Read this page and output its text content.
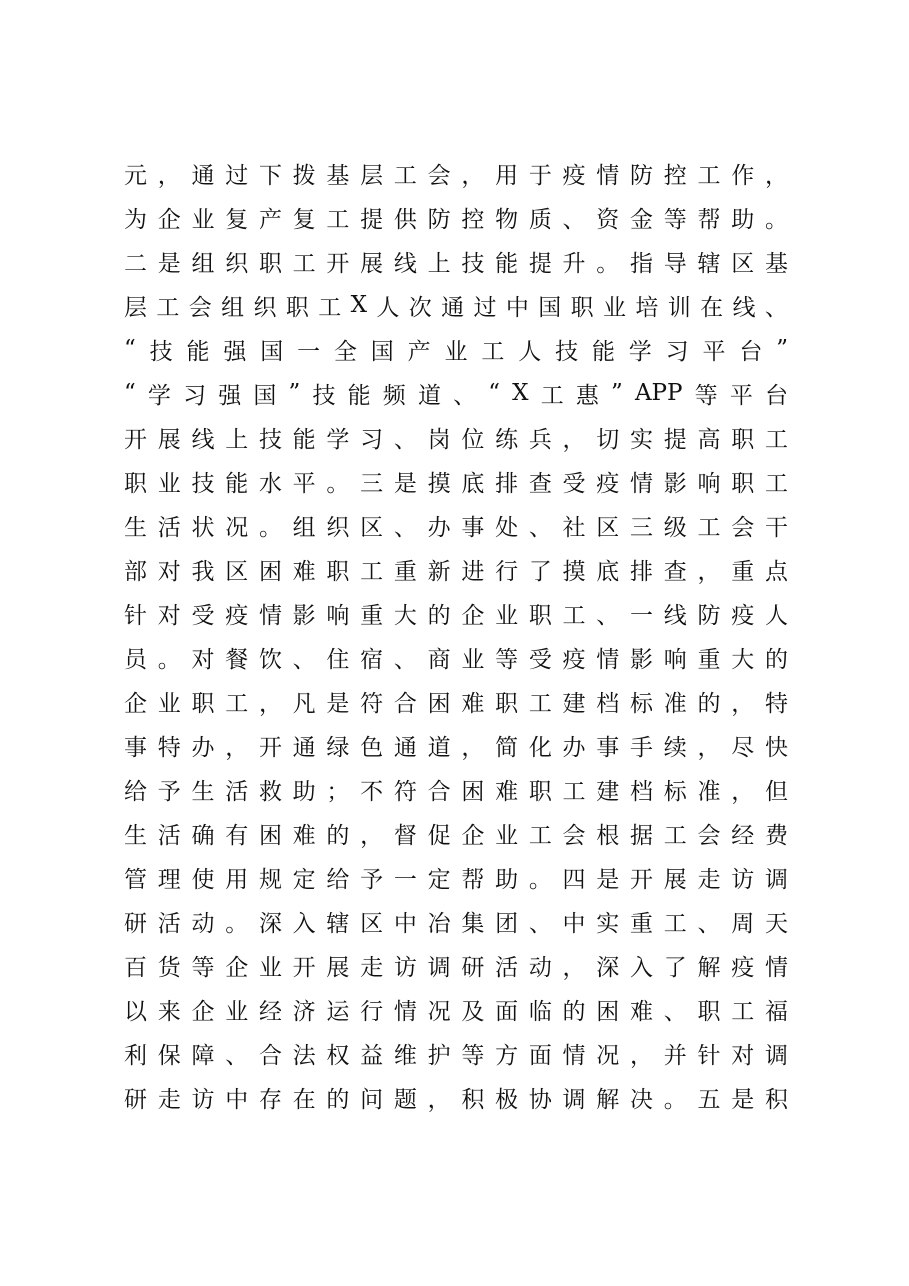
元 ， 通 过 下 拨 基 层 工 会 ， 用 于 疫 情 防 控 工 作 ，
为 企 业 复 产 复 工 提 供 防 控 物 质 、 资 金 等 帮 助 。
二 是 组 织 职 工 开 展 线 上 技 能 提 升 。 指 导 辖 区 基
层 工 会 组 织 职 工 X 人 次 通 过 中 国 职 业 培 训 在 线 、
“ 技 能 强 国 一 全 国 产 业 工 人 技 能 学 习 平 台 ”
“ 学 习 强 国 ” 技 能 频 道 、 “ X 工 惠 ” APP 等 平 台
开 展 线 上 技 能 学 习 、 岗 位 练 兵 ， 切 实 提 高 职 工
职 业 技 能 水 平 。 三 是 摸 底 排 查 受 疫 情 影 响 职 工
生 活 状 况 。 组 织 区 、 办 事 处 、 社 区 三 级 工 会 干
部 对 我 区 困 难 职 工 重 新 进 行 了 摸 底 排 查 ， 重 点
针 对 受 疫 情 影 响 重 大 的 企 业 职 工 、 一 线 防 疫 人
员 。 对 餐 饮 、 住 宿 、 商 业 等 受 疫 情 影 响 重 大 的
企 业 职 工 ， 凡 是 符 合 困 难 职 工 建 档 标 准 的 ， 特
事 特 办 ， 开 通 绿 色 通 道 ， 简 化 办 事 手 续 ， 尽 快
给 予 生 活 救 助 ； 不 符 合 困 难 职 工 建 档 标 准 ， 但
生 活 确 有 困 难 的 ， 督 促 企 业 工 会 根 据 工 会 经 费
管 理 使 用 规 定 给 予 一 定 帮 助 。 四 是 开 展 走 访 调
研 活 动 。 深 入 辖 区 中 冶 集 团 、 中 实 重 工 、 周 天
百 货 等 企 业 开 展 走 访 调 研 活 动 ， 深 入 了 解 疫 情
以 来 企 业 经 济 运 行 情 况 及 面 临 的 困 难 、 职 工 福
利 保 障 、 合 法 权 益 维 护 等 方 面 情 况 ， 并 针 对 调
研 走 访 中 存 在 的 问 题 ， 积 极 协 调 解 决 。 五 是 积
